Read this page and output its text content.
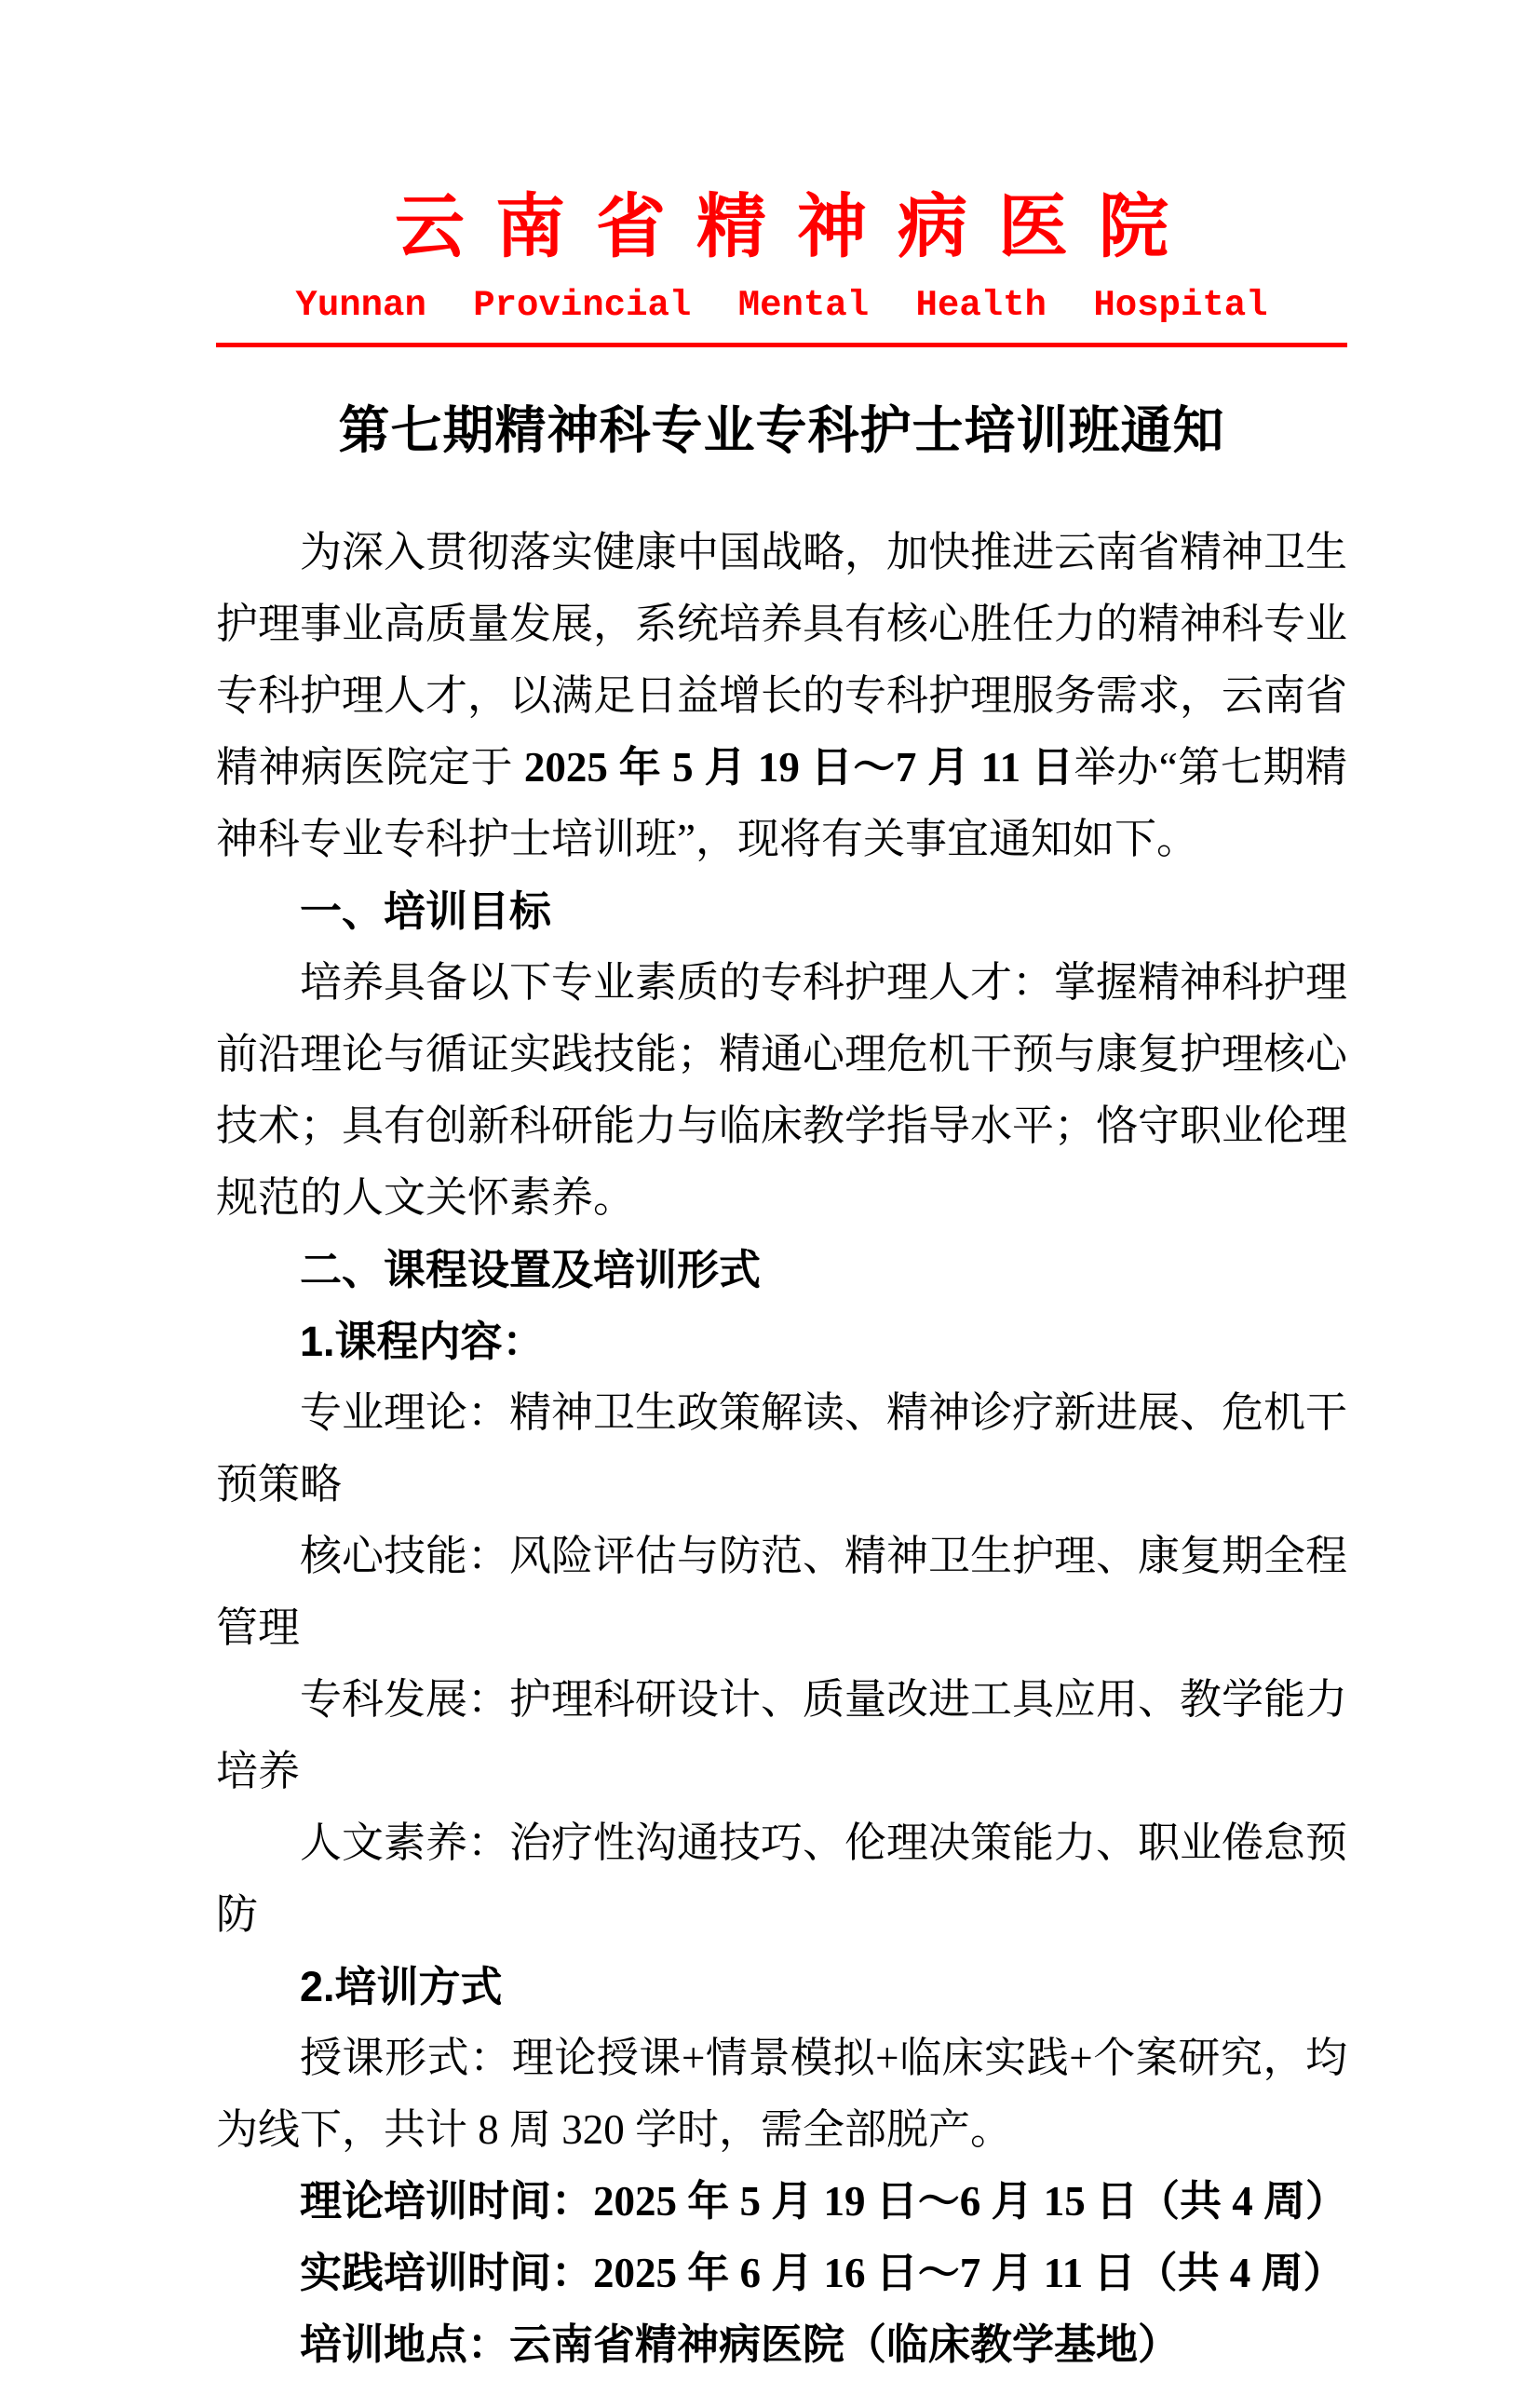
云南省精神病医院
Yunnan Provincial Mental Health Hospital
第七期精神科专业专科护士培训班通知

为深入贯彻落实健康中国战略，加快推进云南省精神卫生护理事业高质量发展，系统培养具有核心胜任力的精神科专业专科护理人才，以满足日益增长的专科护理服务需求，云南省精神病医院定于 2025 年 5 月 19 日～7 月 11 日举办“第七期精神科专业专科护士培训班”，现将有关事宜通知如下。

一、培训目标

培养具备以下专业素质的专科护理人才：掌握精神科护理前沿理论与循证实践技能；精通心理危机干预与康复护理核心技术；具有创新科研能力与临床教学指导水平；恪守职业伦理规范的人文关怀素养。

二、课程设置及培训形式

1.课程内容：

专业理论：精神卫生政策解读、精神诊疗新进展、危机干预策略

核心技能：风险评估与防范、精神卫生护理、康复期全程管理

专科发展：护理科研设计、质量改进工具应用、教学能力培养

人文素养：治疗性沟通技巧、伦理决策能力、职业倦怠预防

2.培训方式

授课形式：理论授课+情景模拟+临床实践+个案研究，均为线下，共计 8 周 320 学时，需全部脱产。

理论培训时间：2025 年 5 月 19 日～6 月 15 日（共 4 周）

实践培训时间：2025 年 6 月 16 日～7 月 11 日（共 4 周）

培训地点：云南省精神病医院（临床教学基地）
